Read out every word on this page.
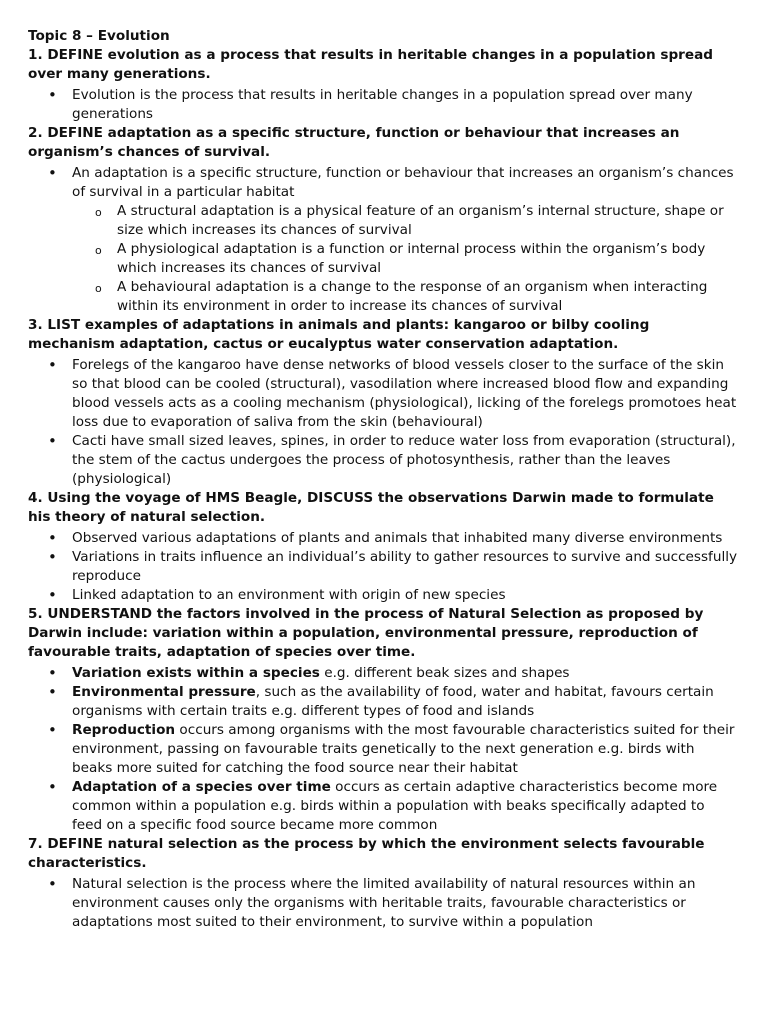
Topic 8 – Evolution
1. DEFINE evolution as a process that results in heritable changes in a population spread over many generations.
• Evolution is the process that results in heritable changes in a population spread over many generations
2. DEFINE adaptation as a specific structure, function or behaviour that increases an organism’s chances of survival.
• An adaptation is a specific structure, function or behaviour that increases an organism’s chances of survival in a particular habitat
o A structural adaptation is a physical feature of an organism’s internal structure, shape or size which increases its chances of survival
o A physiological adaptation is a function or internal process within the organism’s body which increases its chances of survival
o A behavioural adaptation is a change to the response of an organism when interacting within its environment in order to increase its chances of survival
3. LIST examples of adaptations in animals and plants: kangaroo or bilby cooling mechanism adaptation, cactus or eucalyptus water conservation adaptation.
• Forelegs of the kangaroo have dense networks of blood vessels closer to the surface of the skin so that blood can be cooled (structural), vasodilation where increased blood flow and expanding blood vessels acts as a cooling mechanism (physiological), licking of the forelegs promotoes heat loss due to evaporation of saliva from the skin (behavioural)
• Cacti have small sized leaves, spines, in order to reduce water loss from evaporation (structural), the stem of the cactus undergoes the process of photosynthesis, rather than the leaves (physiological)
4. Using the voyage of HMS Beagle, DISCUSS the observations Darwin made to formulate his theory of natural selection.
• Observed various adaptations of plants and animals that inhabited many diverse environments
• Variations in traits influence an individual’s ability to gather resources to survive and successfully reproduce
• Linked adaptation to an environment with origin of new species
5. UNDERSTAND the factors involved in the process of Natural Selection as proposed by Darwin include: variation within a population, environmental pressure, reproduction of favourable traits, adaptation of species over time.
• Variation exists within a species e.g. different beak sizes and shapes
• Environmental pressure, such as the availability of food, water and habitat, favours certain organisms with certain traits e.g. different types of food and islands
• Reproduction occurs among organisms with the most favourable characteristics suited for their environment, passing on favourable traits genetically to the next generation e.g. birds with beaks more suited for catching the food source near their habitat
• Adaptation of a species over time occurs as certain adaptive characteristics become more common within a population e.g. birds within a population with beaks specifically adapted to feed on a specific food source became more common
7. DEFINE natural selection as the process by which the environment selects favourable characteristics.
• Natural selection is the process where the limited availability of natural resources within an environment causes only the organisms with heritable traits, favourable characteristics or adaptations most suited to their environment, to survive within a population
